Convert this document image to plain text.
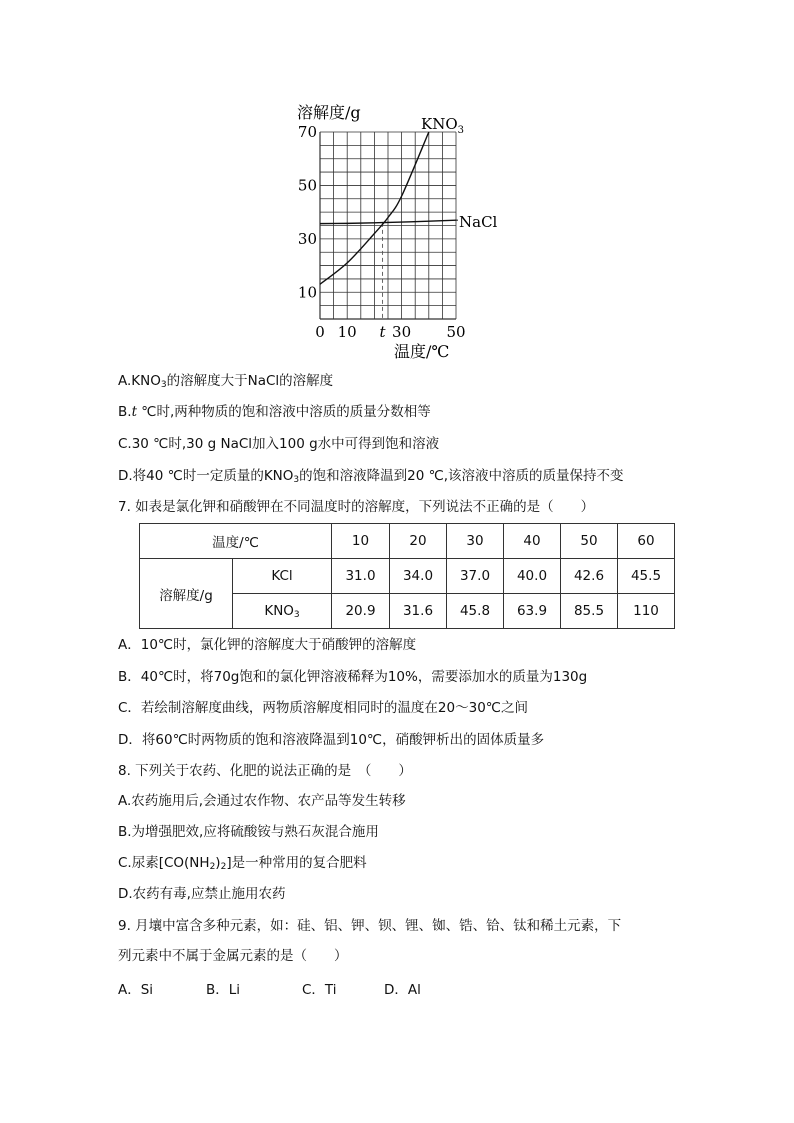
溶解度/g
温度/℃
70
50
30
10
0 10 t 30 50
$KNO_3$
NaCl
$A.KNO_3$的溶解度大于NaCl的溶解度
B.t ℃时,两种物质的饱和溶液中溶质的质量分数相等
C.30 ℃时,30 g NaCl加入100 g水中可得到饱和溶液
D.将40 ℃时一定质量的$KNO_3$的饱和溶液降温到20 ℃,该溶液中溶质的质量保持不变
7. 如表是氯化钾和硝酸钾在不同温度时的溶解度，下列说法不正确的是（　　）
温度/℃		10	20	30	40	50	60
溶解度/g	KCl	31.0	34.0	37.0	40.0	42.6	45.5
	$KNO_3$	20.9	31.6	45.8	63.9	85.5	110
A．10℃时，氯化钾的溶解度大于硝酸钾的溶解度
B．40℃时，将70g饱和的氯化钾溶液稀释为10%，需要添加水的质量为130g
C．若绘制溶解度曲线，两物质溶解度相同时的温度在20～30℃之间
D．将60℃时两物质的饱和溶液降温到10℃，硝酸钾析出的固体质量多
8. 下列关于农药、化肥的说法正确的是　（　　）
A.农药施用后,会通过农作物、农产品等发生转移
B.为增强肥效,应将硫酸铵与熟石灰混合施用
C.尿素$[CO(NH_2)_2]$是一种常用的复合肥料
D.农药有毒,应禁止施用农药
9. 月壤中富含多种元素，如：硅、铝、钾、钡、锂、铷、锆、铪、钛和稀土元素，下
列元素中不属于金属元素的是（　　）
A．Si	B．Li	C．Ti	D．Al
